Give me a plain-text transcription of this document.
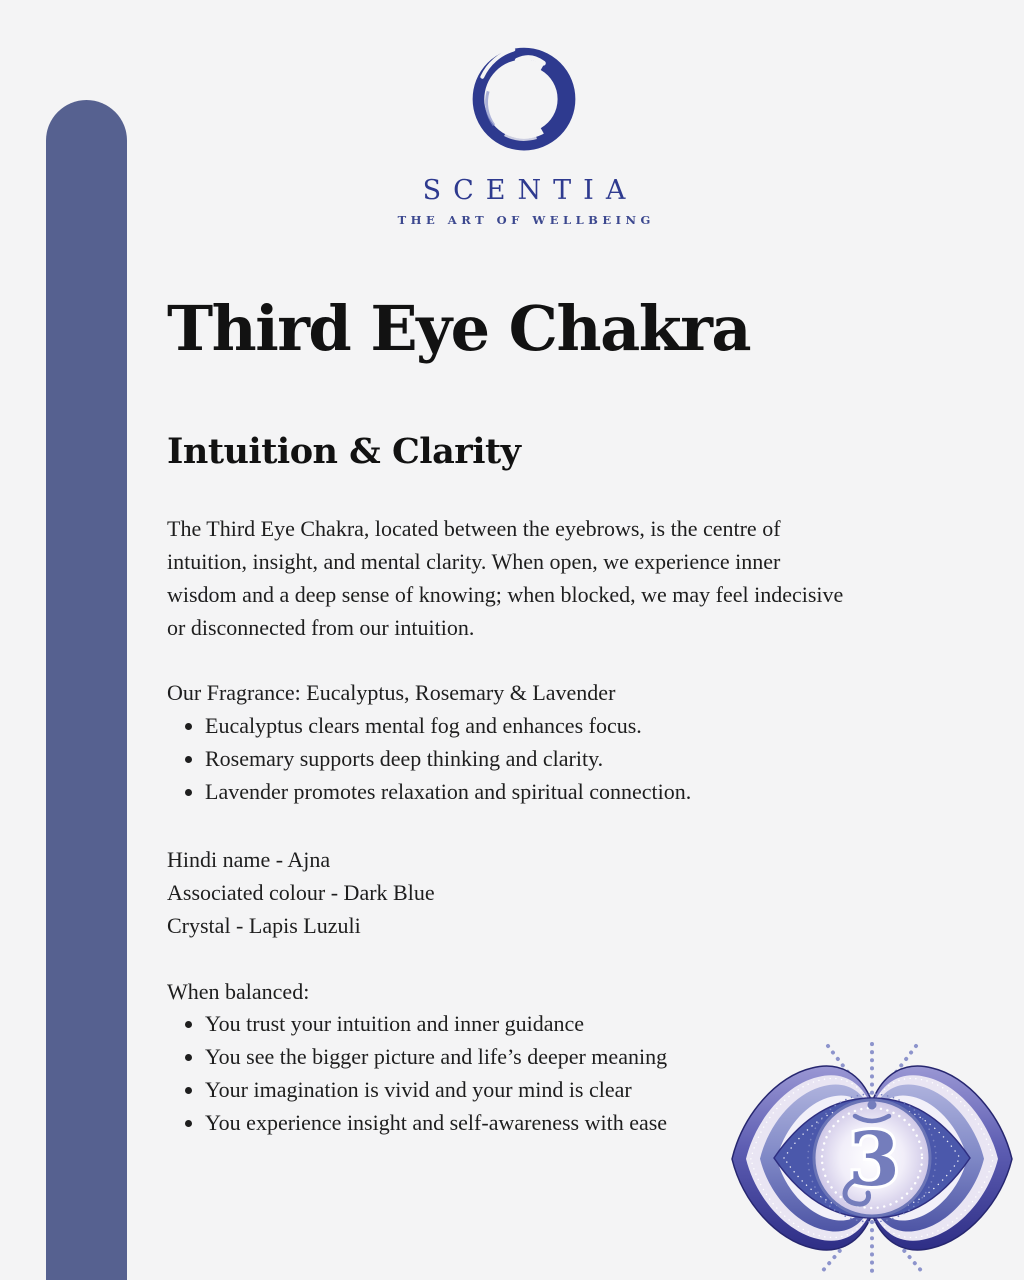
SCENTIA
THE ART OF WELLBEING
Third Eye Chakra
Intuition & Clarity
The Third Eye Chakra, located between the eyebrows, is the centre of
intuition, insight, and mental clarity. When open, we experience inner
wisdom and a deep sense of knowing; when blocked, we may feel indecisive
or disconnected from our intuition.

Our Fragrance: Eucalyptus, Rosemary & Lavender

• Eucalyptus clears mental fog and enhances focus.
• Rosemary supports deep thinking and clarity.
• Lavender promotes relaxation and spiritual connection.
Hindi name - Ajna
Associated colour - Dark Blue
Crystal - Lapis Luzuli

When balanced:

• You trust your intuition and inner guidance
• You see the bigger picture and life’s deeper meaning
• Your imagination is vivid and your mind is clear
• You experience insight and self-awareness with ease 3
